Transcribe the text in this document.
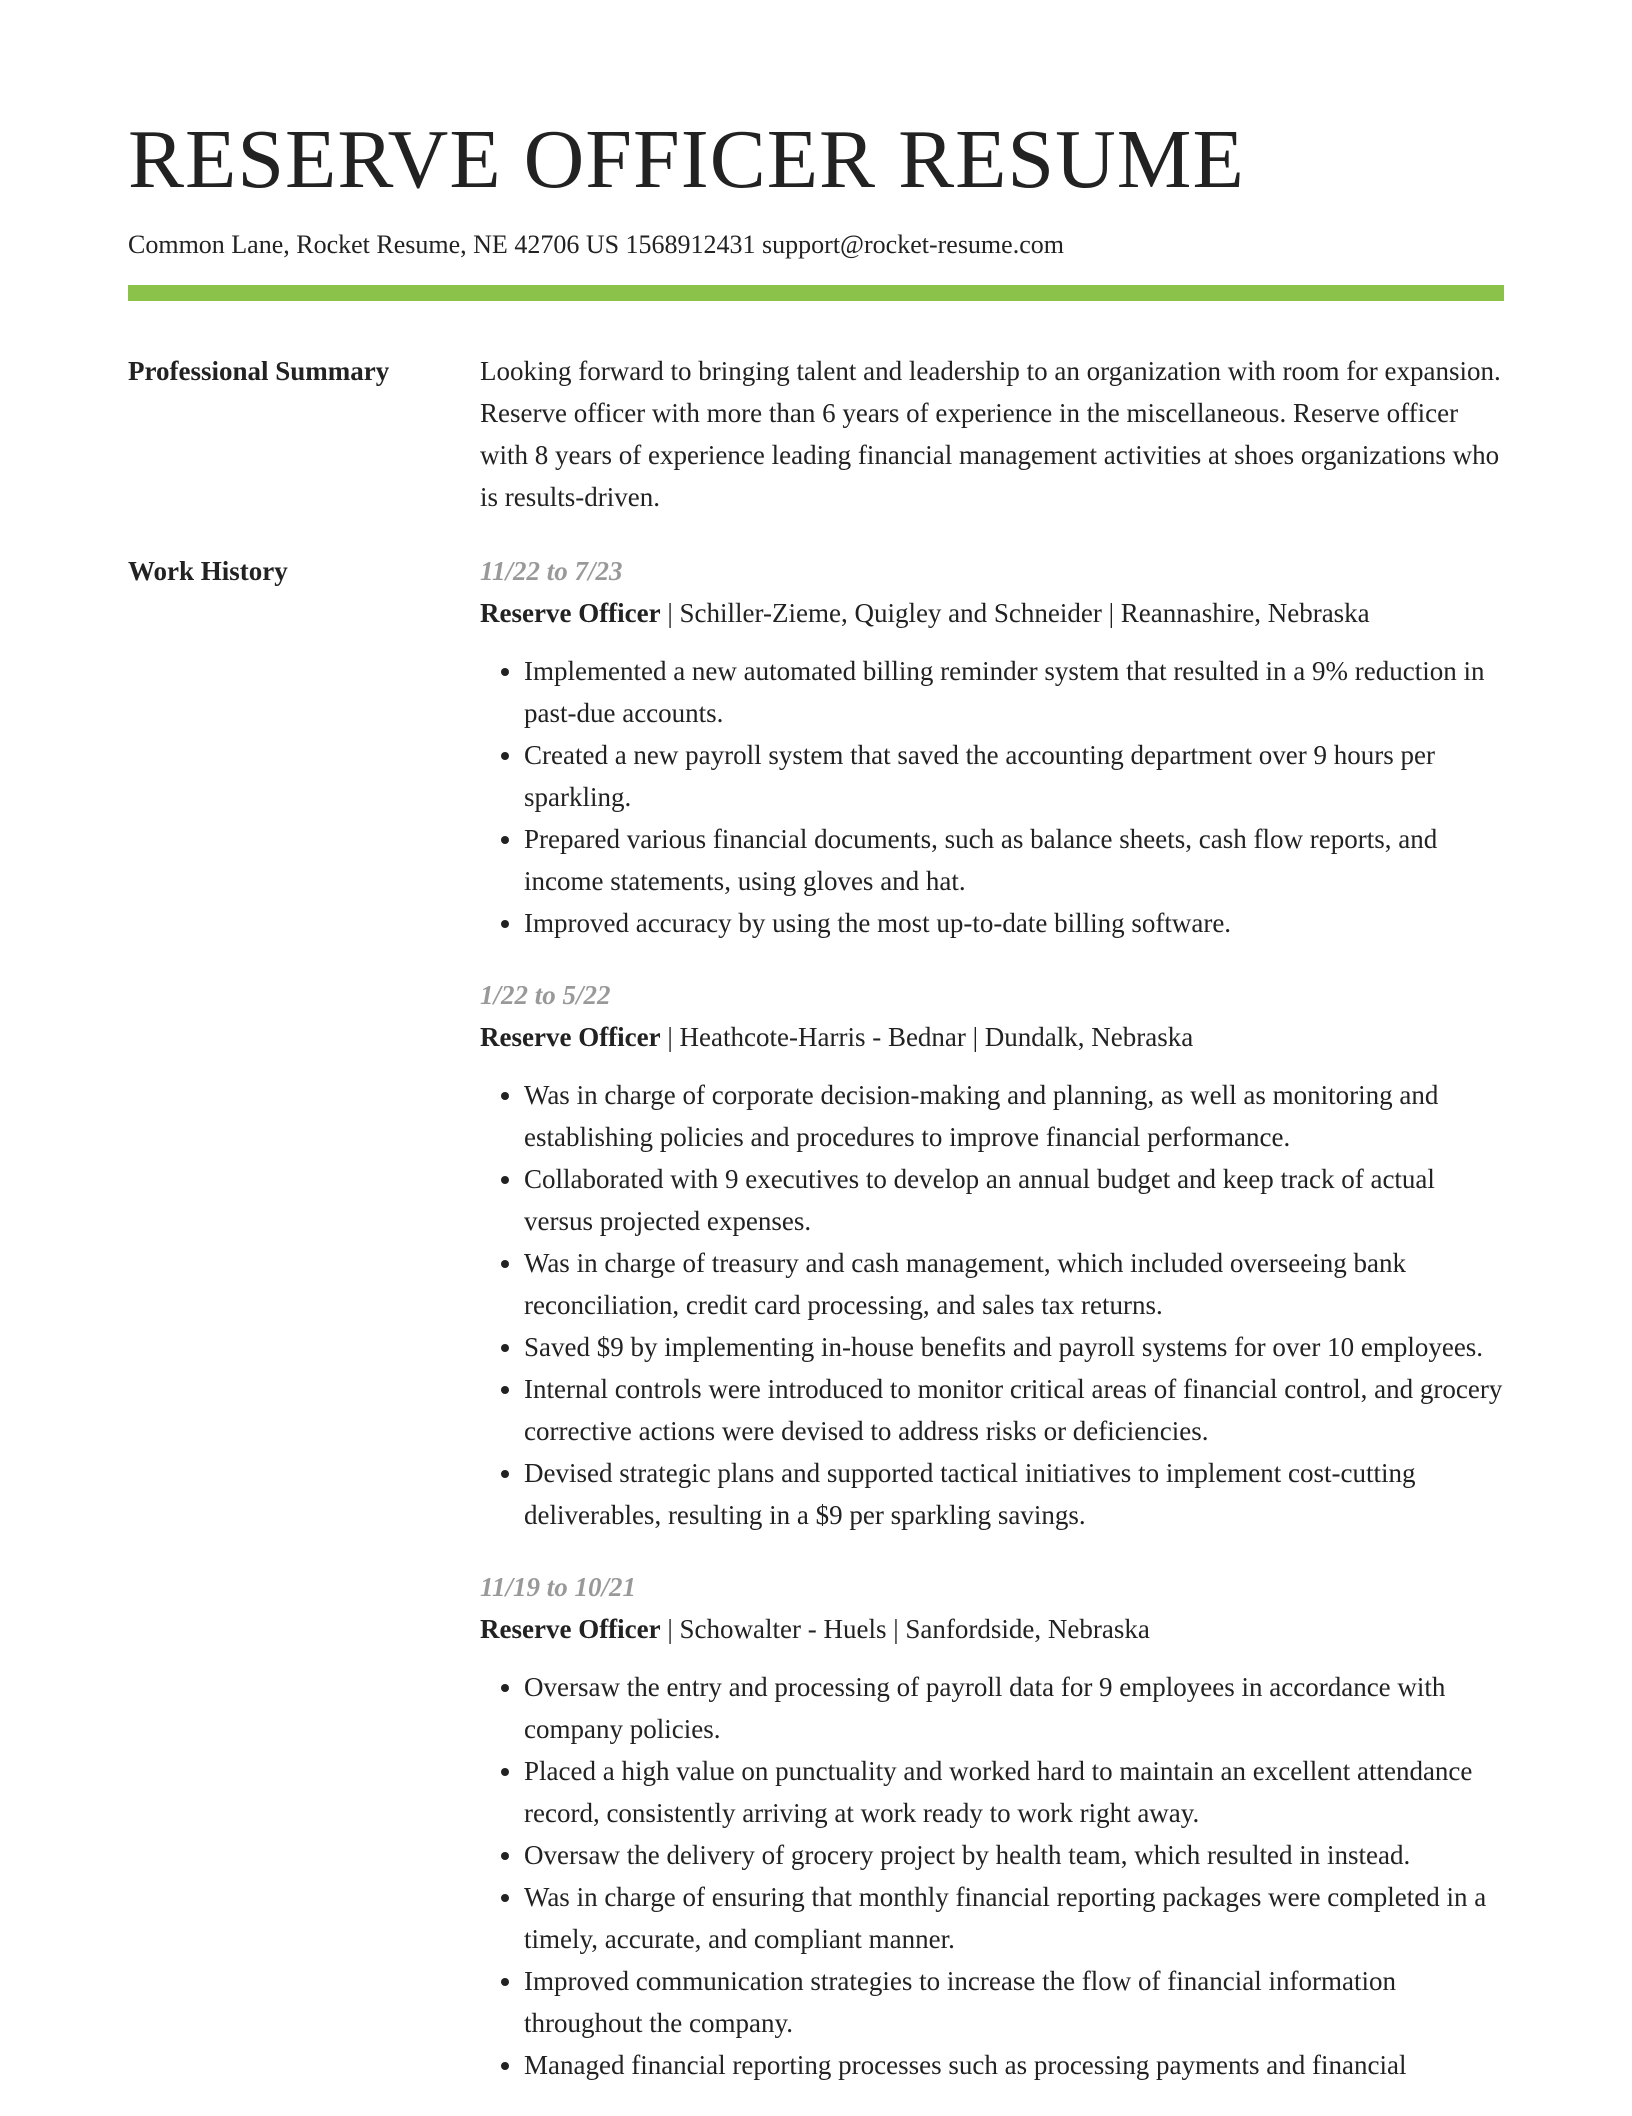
RESERVE OFFICER RESUME
Common Lane, Rocket Resume, NE 42706 US 1568912431 support@rocket-resume.com
Professional Summary	Looking forward to bringing talent and leadership to an organization with room for expansion. Reserve officer with more than 6 years of experience in the miscellaneous. Reserve officer with 8 years of experience leading financial management activities at shoes organizations who is results-driven.

Work History	11/22 to 7/23
Reserve Officer | Schiller-Zieme, Quigley and Schneider | Reannashire, Nebraska
• Implemented a new automated billing reminder system that resulted in a 9% reduction in past-due accounts.
• Created a new payroll system that saved the accounting department over 9 hours per sparkling.
• Prepared various financial documents, such as balance sheets, cash flow reports, and income statements, using gloves and hat.
• Improved accuracy by using the most up-to-date billing software.
1/22 to 5/22
Reserve Officer | Heathcote-Harris - Bednar | Dundalk, Nebraska
• Was in charge of corporate decision-making and planning, as well as monitoring and establishing policies and procedures to improve financial performance.
• Collaborated with 9 executives to develop an annual budget and keep track of actual versus projected expenses.
• Was in charge of treasury and cash management, which included overseeing bank reconciliation, credit card processing, and sales tax returns.
• Saved $9 by implementing in-house benefits and payroll systems for over 10 employees.
• Internal controls were introduced to monitor critical areas of financial control, and grocery corrective actions were devised to address risks or deficiencies.
• Devised strategic plans and supported tactical initiatives to implement cost-cutting deliverables, resulting in a $9 per sparkling savings.
11/19 to 10/21
Reserve Officer | Schowalter - Huels | Sanfordside, Nebraska
• Oversaw the entry and processing of payroll data for 9 employees in accordance with company policies.
• Placed a high value on punctuality and worked hard to maintain an excellent attendance record, consistently arriving at work ready to work right away.
• Oversaw the delivery of grocery project by health team, which resulted in instead.
• Was in charge of ensuring that monthly financial reporting packages were completed in a timely, accurate, and compliant manner.
• Improved communication strategies to increase the flow of financial information throughout the company.
• Managed financial reporting processes such as processing payments and financial
